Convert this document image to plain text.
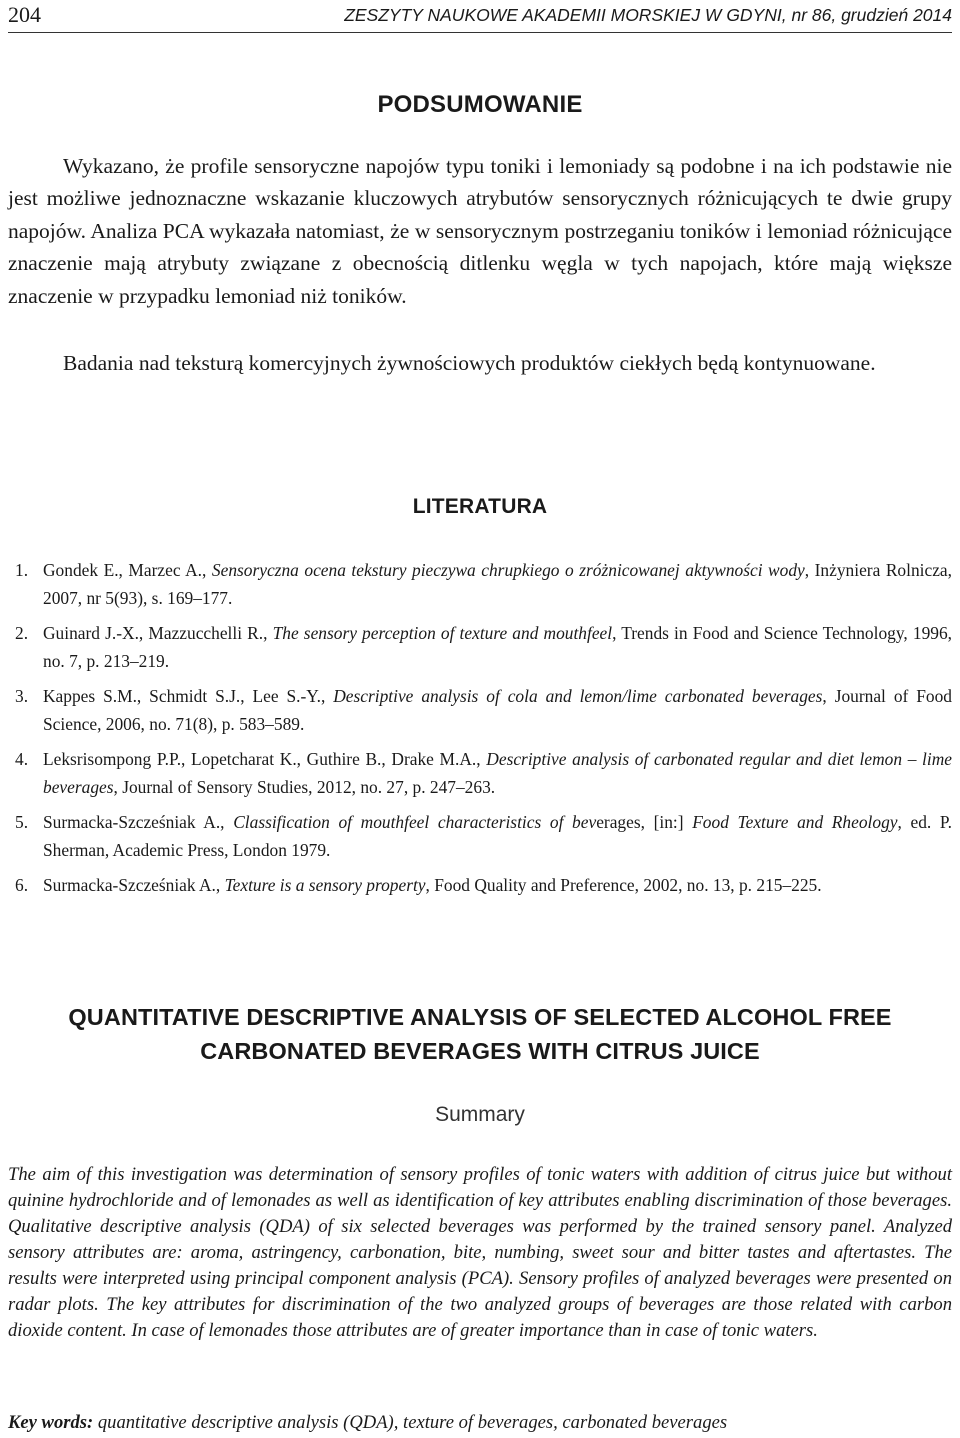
204	ZESZYTY NAUKOWE AKADEMII MORSKIEJ W GDYNI, nr 86, grudzień 2014
PODSUMOWANIE

Wykazano, że profile sensoryczne napojów typu toniki i lemoniady są podobne i na ich podstawie nie jest możliwe jednoznaczne wskazanie kluczowych atrybutów sensorycznych różnicujących te dwie grupy napojów. Analiza PCA wykazała natomiast, że w sensorycznym postrzeganiu toników i lemoniad różnicujące znaczenie mają atrybuty związane z obecnością ditlenku węgla w tych napojach, które mają większe znaczenie w przypadku lemoniad niż toników.

Badania nad teksturą komercyjnych żywnościowych produktów ciekłych będą kontynuowane.

LITERATURA
1. Gondek E., Marzec A., Sensoryczna ocena tekstury pieczywa chrupkiego o zróżnicowanej aktywności wody, Inżyniera Rolnicza, 2007, nr 5(93), s. 169–177.
2. Guinard J.-X., Mazzucchelli R., The sensory perception of texture and mouthfeel, Trends in Food and Science Technology, 1996, no. 7, p. 213–219.
3. Kappes S.M., Schmidt S.J., Lee S.-Y., Descriptive analysis of cola and lemon/lime carbonated beverages, Journal of Food Science, 2006, no. 71(8), p. 583–589.
4. Leksrisompong P.P., Lopetcharat K., Guthire B., Drake M.A., Descriptive analysis of carbonated regular and diet lemon – lime beverages, Journal of Sensory Studies, 2012, no. 27, p. 247–263.
5. Surmacka-Szcześniak A., Classification of mouthfeel characteristics of beverages, [in:] Food Texture and Rheology, ed. P. Sherman, Academic Press, London 1979.
6. Surmacka-Szcześniak A., Texture is a sensory property, Food Quality and Preference, 2002, no. 13, p. 215–225.
QUANTITATIVE DESCRIPTIVE ANALYSIS OF SELECTED ALCOHOL FREE
CARBONATED BEVERAGES WITH CITRUS JUICE
Summary

The aim of this investigation was determination of sensory profiles of tonic waters with addition of citrus juice but without quinine hydrochloride and of lemonades as well as identification of key attributes enabling discrimination of those beverages. Qualitative descriptive analysis (QDA) of six selected beverages was performed by the trained sensory panel. Analyzed sensory attributes are: aroma, astringency, carbonation, bite, numbing, sweet sour and bitter tastes and aftertastes. The results were interpreted using principal component analysis (PCA). Sensory profiles of analyzed beverages were presented on radar plots. The key attributes for discrimination of the two analyzed groups of beverages are those related with carbon dioxide content. In case of lemonades those attributes are of greater importance than in case of tonic waters.

Key words: quantitative descriptive analysis (QDA), texture of beverages, carbonated beverages
